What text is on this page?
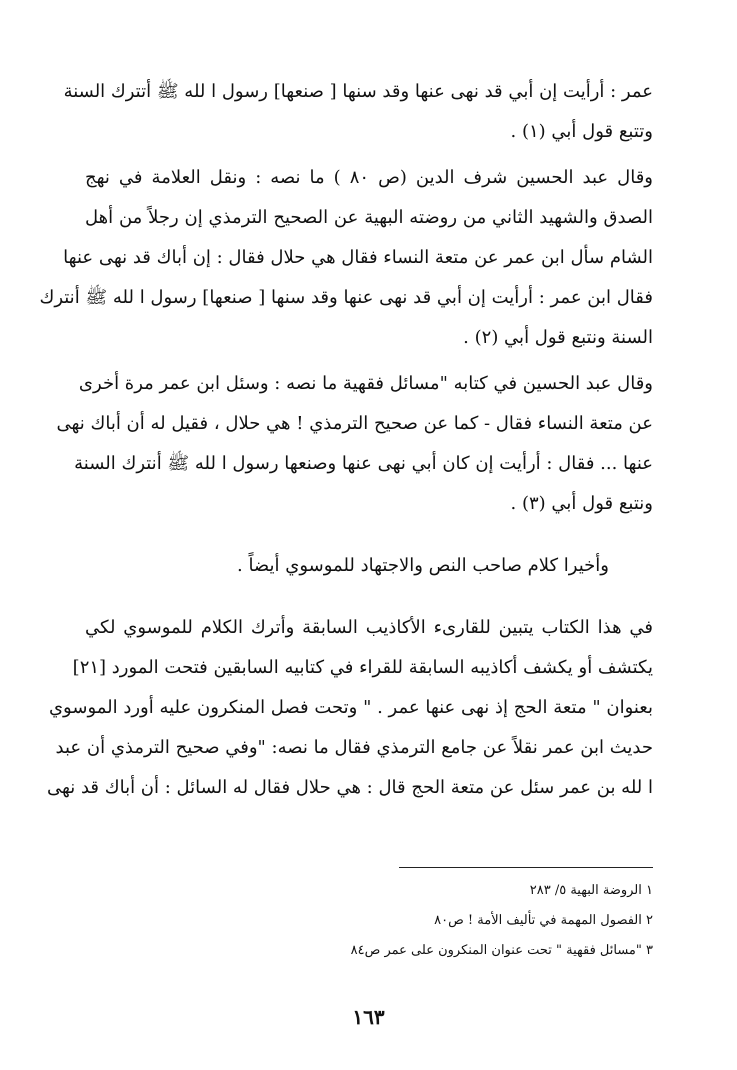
عمر : أرأيت إن أبي قد نهى عنها وقد سنها [ صنعها] رسول ا لله ﷺ أتترك السنة
وتتبع قول أبي (١) .
وقال عبد الحسين شرف الدين (ص ٨٠ ) ما نصه : ونقل العلامة في نهج
الصدق والشهيد الثاني من روضته البهية عن الصحيح الترمذي إن رجلاً من أهل
الشام سأل ابن عمر عن متعة النساء فقال هي حلال فقال : إن أباك قد نهى عنها
فقال ابن عمر : أرأيت إن أبي قد نهى عنها وقد سنها [ صنعها] رسول ا لله ﷺ أنترك
السنة ونتبع قول أبي (٢) .
وقال عبد الحسين في كتابه "مسائل فقهية ما نصه : وسئل ابن عمر مرة أخرى
عن متعة النساء فقال - كما عن صحيح الترمذي ! هي حلال ، فقيل له أن أباك نهى
عنها ... فقال : أرأيت إن كان أبي نهى عنها وصنعها رسول ا لله ﷺ أنترك السنة
ونتبع قول أبي (٣) .
وأخيرا كلام صاحب النص والاجتهاد للموسوي أيضاً .
في هذا الكتاب يتبين للقارىء الأكاذيب السابقة وأترك الكلام للموسوي لكي
يكتشف أو يكشف أكاذيبه السابقة للقراء في كتابيه السابقين فتحت المورد [٢١]
بعنوان " متعة الحج إذ نهى عنها عمر . " وتحت فصل المنكرون عليه أورد الموسوي
حديث ابن عمر نقلاً عن جامع الترمذي فقال ما نصه: "وفي صحيح الترمذي أن عبد
ا لله بن عمر سئل عن متعة الحج قال : هي حلال فقال له السائل : أن أباك قد نهى
١ الروضة البهية ٥/ ٢٨٣
٢ الفصول المهمة في تأليف الأمة ! ص٨٠
٣ "مسائل فقهية " تحت عنوان المنكرون على عمر ص٨٤
١٦٣
